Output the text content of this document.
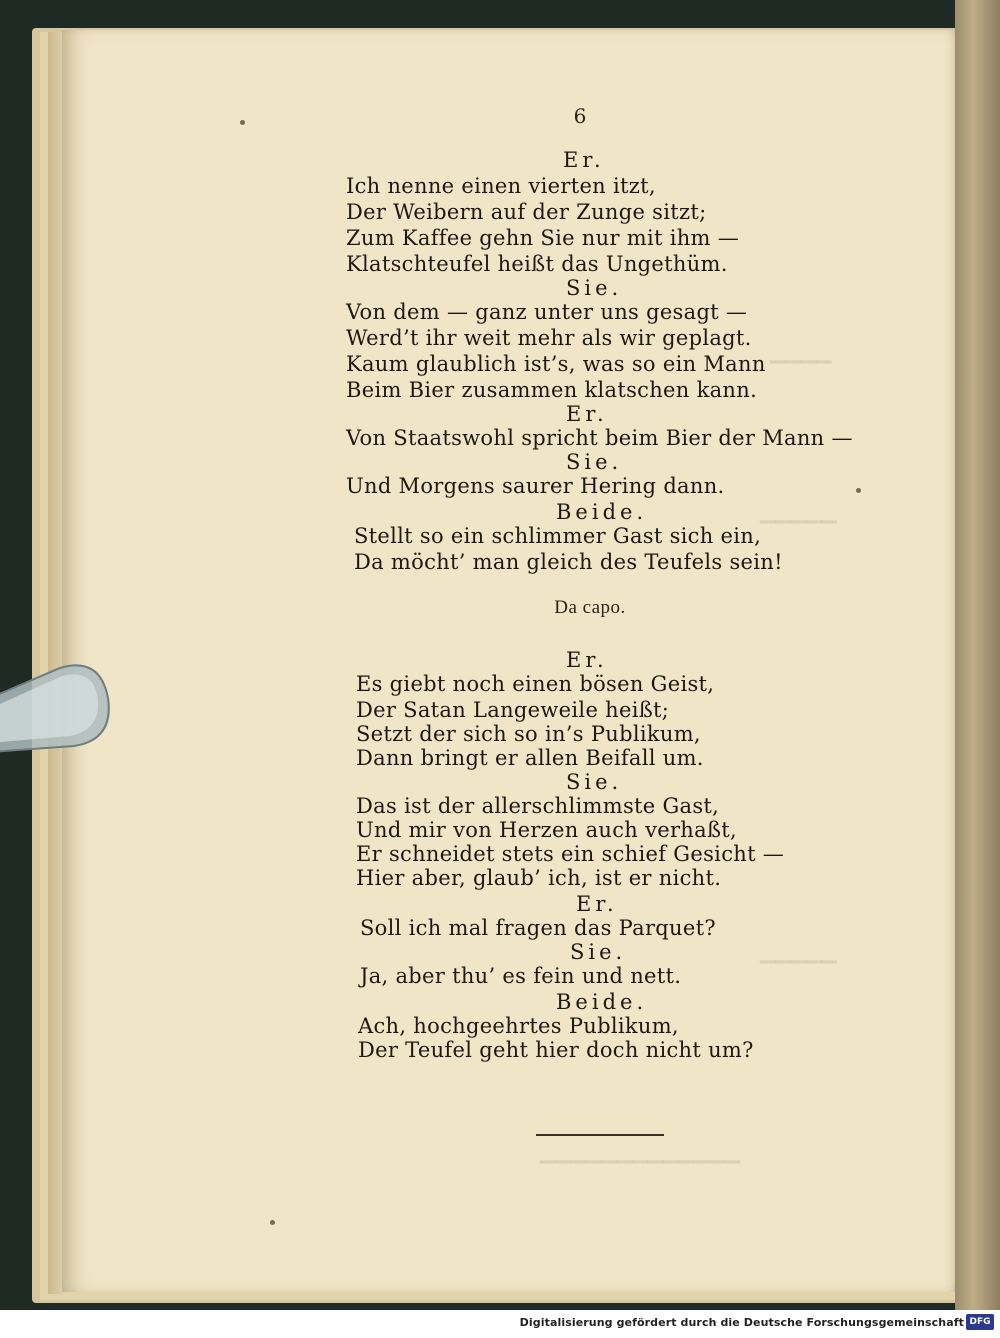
▔▔▔▔
▔▔▔▔▔
▔▔▔▔▔
▔▔▔▔▔▔▔▔▔▔▔▔▔
6
Er.
Ich nenne einen vierten itzt,
Der Weibern auf der Zunge sitzt;
Zum Kaffee gehn Sie nur mit ihm —
Klatschteufel heißt das Ungethüm.
Sie.
Von dem — ganz unter uns gesagt —
Werd’t ihr weit mehr als wir geplagt.
Kaum glaublich ist’s, was so ein Mann
Beim Bier zusammen klatschen kann.
Er.
Von Staatswohl spricht beim Bier der Mann —
Sie.
Und Morgens saurer Hering dann.
Beide.
Stellt so ein schlimmer Gast sich ein,
Da möcht’ man gleich des Teufels sein!
Da capo.
Er.
Es giebt noch einen bösen Geist,
Der Satan Langeweile heißt;
Setzt der sich so in’s Publikum,
Dann bringt er allen Beifall um.
Sie.
Das ist der allerschlimmste Gast,
Und mir von Herzen auch verhaßt,
Er schneidet stets ein schief Gesicht —
Hier aber, glaub’ ich, ist er nicht.
Er.
Soll ich mal fragen das Parquet?
Sie.
Ja, aber thu’ es fein und nett.
Beide.
Ach, hochgeehrtes Publikum,
Der Teufel geht hier doch nicht um?
Digitalisierung gefördert durch die Deutsche Forschungsgemeinschaft DFG
